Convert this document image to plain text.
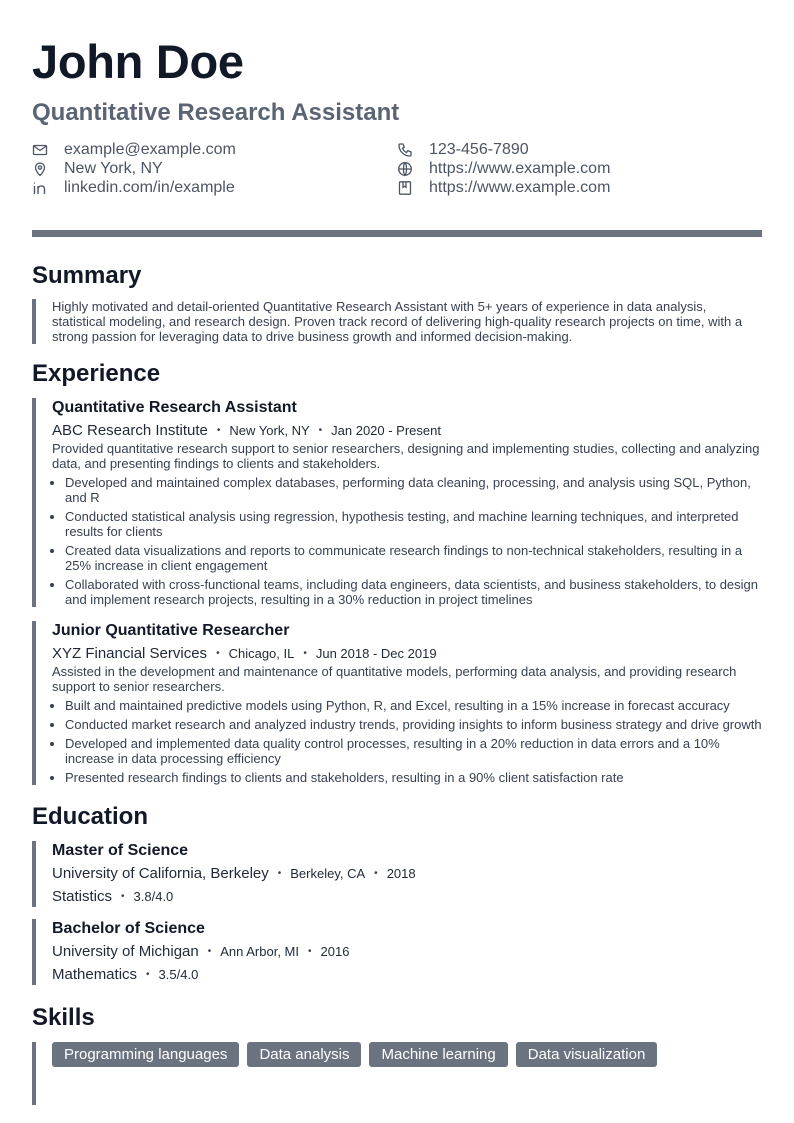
John Doe
Quantitative Research Assistant
example@example.com	123-456-7890
New York, NY	https://www.example.com
linkedin.com/in/example	https://www.example.com
Summary
Highly motivated and detail-oriented Quantitative Research Assistant with 5+ years of experience in data analysis, statistical modeling, and research design. Proven track record of delivering high-quality research projects on time, with a strong passion for leveraging data to drive business growth and informed decision-making.
Experience
Quantitative Research Assistant
ABC Research Institute • New York, NY • Jan 2020 - Present
Provided quantitative research support to senior researchers, designing and implementing studies, collecting and analyzing data, and presenting findings to clients and stakeholders.
• Developed and maintained complex databases, performing data cleaning, processing, and analysis using SQL, Python, and R
• Conducted statistical analysis using regression, hypothesis testing, and machine learning techniques, and interpreted results for clients
• Created data visualizations and reports to communicate research findings to non-technical stakeholders, resulting in a 25% increase in client engagement
• Collaborated with cross-functional teams, including data engineers, data scientists, and business stakeholders, to design and implement research projects, resulting in a 30% reduction in project timelines
Junior Quantitative Researcher
XYZ Financial Services • Chicago, IL • Jun 2018 - Dec 2019
Assisted in the development and maintenance of quantitative models, performing data analysis, and providing research support to senior researchers.
• Built and maintained predictive models using Python, R, and Excel, resulting in a 15% increase in forecast accuracy
• Conducted market research and analyzed industry trends, providing insights to inform business strategy and drive growth
• Developed and implemented data quality control processes, resulting in a 20% reduction in data errors and a 10% increase in data processing efficiency
• Presented research findings to clients and stakeholders, resulting in a 90% client satisfaction rate
Education
Master of Science
University of California, Berkeley • Berkeley, CA • 2018
Statistics • 3.8/4.0
Bachelor of Science
University of Michigan • Ann Arbor, MI • 2016
Mathematics • 3.5/4.0
Skills
Programming languages	Data analysis	Machine learning	Data visualization
